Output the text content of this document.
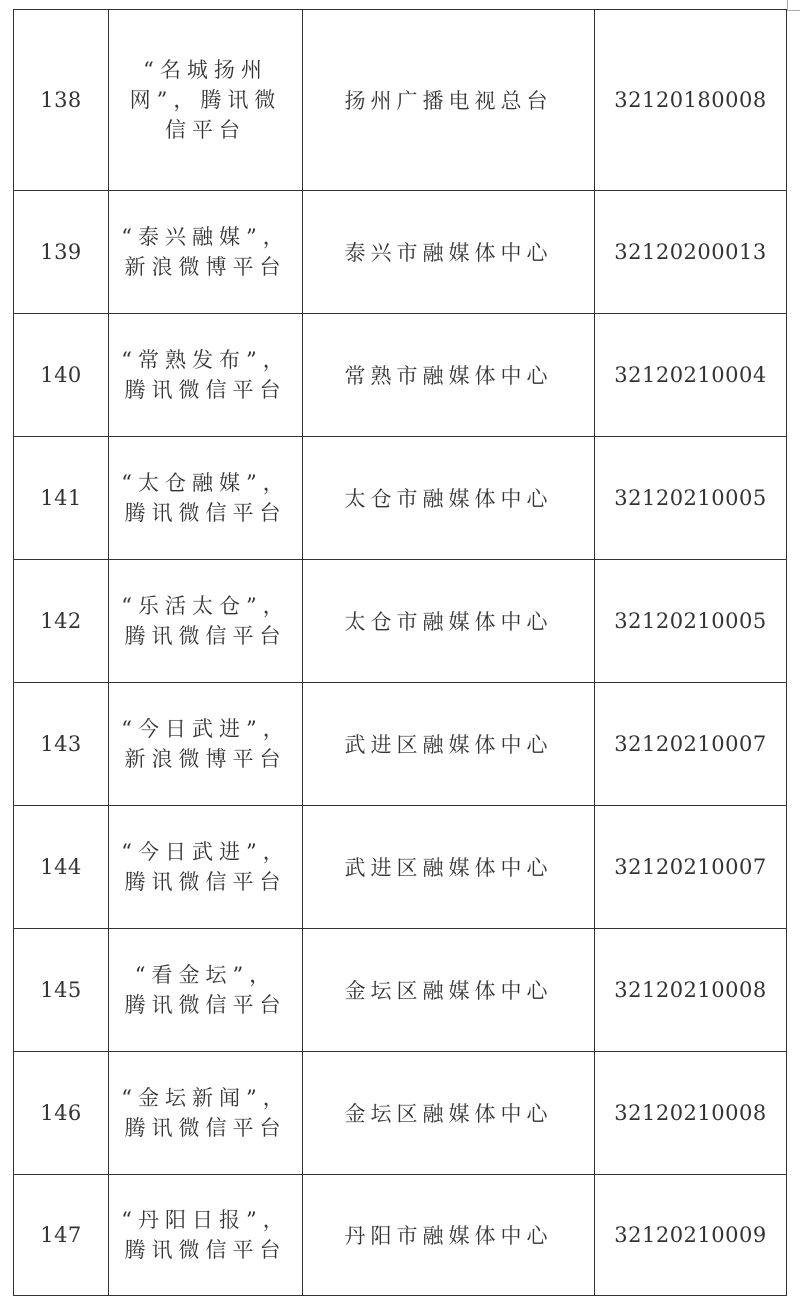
138	“名城扬州
网”，腾讯微
信平台	扬州广播电视总台	32120180008
139	“泰兴融媒”，
新浪微博平台	泰兴市融媒体中心	32120200013
140	“常熟发布”，
腾讯微信平台	常熟市融媒体中心	32120210004
141	“太仓融媒”，
腾讯微信平台	太仓市融媒体中心	32120210005
142	“乐活太仓”，
腾讯微信平台	太仓市融媒体中心	32120210005
143	“今日武进”，
新浪微博平台	武进区融媒体中心	32120210007
144	“今日武进”，
腾讯微信平台	武进区融媒体中心	32120210007
145	“看金坛”，
腾讯微信平台	金坛区融媒体中心	32120210008
146	“金坛新闻”，
腾讯微信平台	金坛区融媒体中心	32120210008
147	“丹阳日报”，
腾讯微信平台	丹阳市融媒体中心	32120210009
